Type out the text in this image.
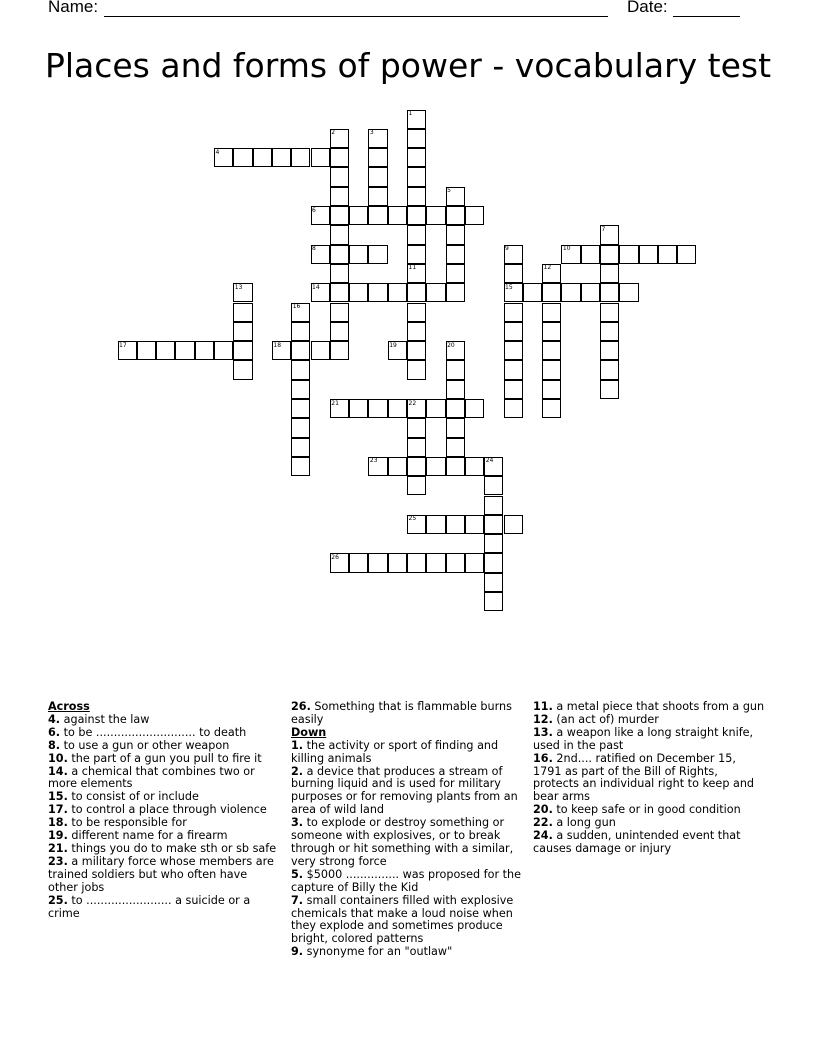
Name:	Date:
Places and forms of power - vocabulary test
1
2	3
4
5
6
7
8	9	10
11	12
13	14	15
16
17	18	19	20
21	22
23	24
25
26

Across

4. against the law

6. to be ............................ to death

8. to use a gun or other weapon

10. the part of a gun you pull to fire it

14. a chemical that combines two or more elements

15. to consist of or include

17. to control a place through violence

18. to be responsible for

19. different name for a firearm

21. things you do to make sth or sb safe

23. a military force whose members are trained soldiers but who often have other jobs

25. to ........................ a suicide or a crime

26. Something that is flammable burns easily

Down

1. the activity or sport of finding and killing animals

2. a device that produces a stream of burning liquid and is used for military purposes or for removing plants from an area of wild land

3. to explode or destroy something or someone with explosives, or to break through or hit something with a similar, very strong force

5. $5000 ............... was proposed for the capture of Billy the Kid

7. small containers filled with explosive chemicals that make a loud noise when they explode and sometimes produce bright, colored patterns

9. synonyme for an "outlaw"

11. a metal piece that shoots from a gun

12. (an act of) murder

13. a weapon like a long straight knife, used in the past

16. 2nd.... ratified on December 15, 1791 as part of the Bill of Rights, protects an individual right to keep and bear arms

20. to keep safe or in good condition

22. a long gun

24. a sudden, unintended event that causes damage or injury
